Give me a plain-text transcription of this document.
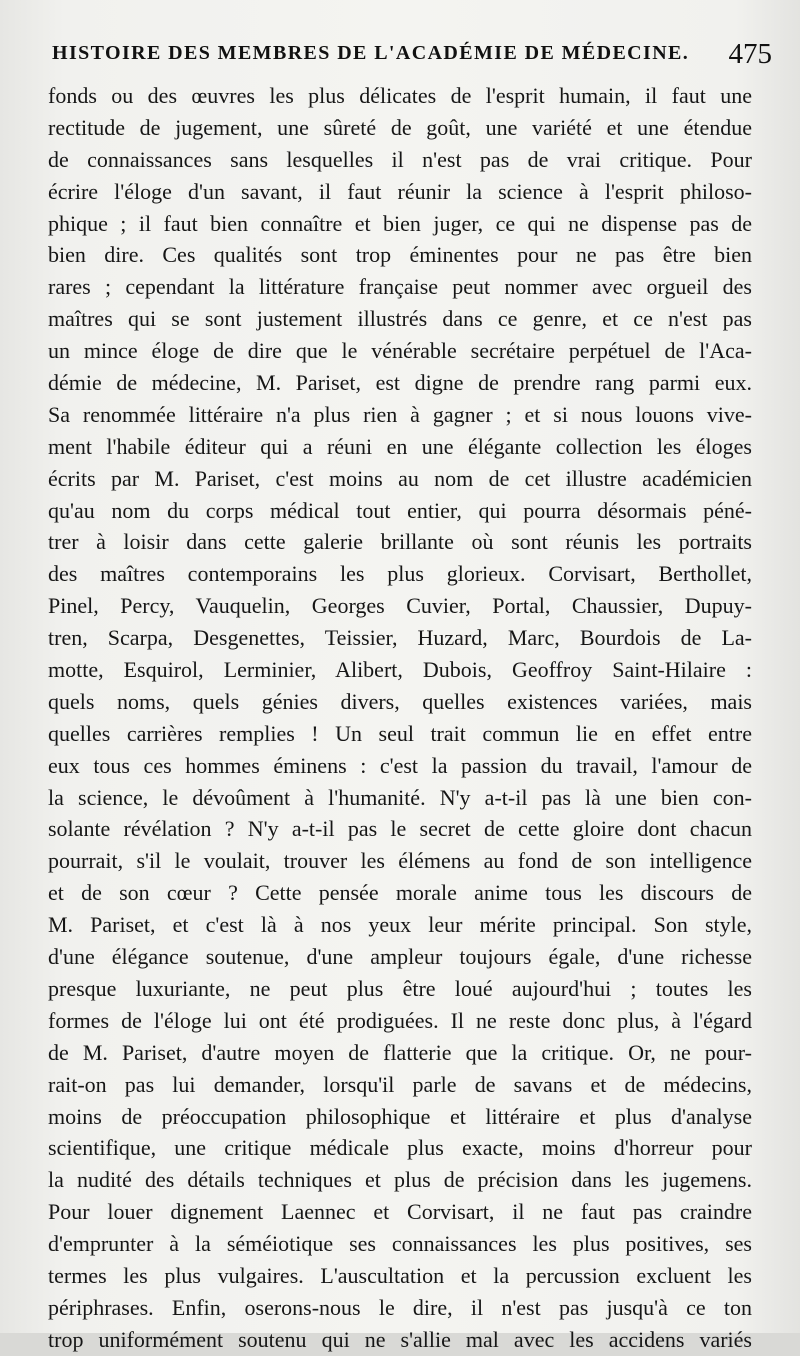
HISTOIRE DES MEMBRES DE L'ACADÉMIE DE MÉDECINE. 475
fonds ou des œuvres les plus délicates de l'esprit humain, il faut une
rectitude de jugement, une sûreté de goût, une variété et une étendue
de connaissances sans lesquelles il n'est pas de vrai critique. Pour
écrire l'éloge d'un savant, il faut réunir la science à l'esprit philoso-
phique ; il faut bien connaître et bien juger, ce qui ne dispense pas de
bien dire. Ces qualités sont trop éminentes pour ne pas être bien
rares ; cependant la littérature française peut nommer avec orgueil des
maîtres qui se sont justement illustrés dans ce genre, et ce n'est pas
un mince éloge de dire que le vénérable secrétaire perpétuel de l'Aca-
démie de médecine, M. Pariset, est digne de prendre rang parmi eux.
Sa renommée littéraire n'a plus rien à gagner ; et si nous louons vive-
ment l'habile éditeur qui a réuni en une élégante collection les éloges
écrits par M. Pariset, c'est moins au nom de cet illustre académicien
qu'au nom du corps médical tout entier, qui pourra désormais péné-
trer à loisir dans cette galerie brillante où sont réunis les portraits
des maîtres contemporains les plus glorieux. Corvisart, Berthollet,
Pinel, Percy, Vauquelin, Georges Cuvier, Portal, Chaussier, Dupuy-
tren, Scarpa, Desgenettes, Teissier, Huzard, Marc, Bourdois de La-
motte, Esquirol, Lerminier, Alibert, Dubois, Geoffroy Saint-Hilaire :
quels noms, quels génies divers, quelles existences variées, mais
quelles carrières remplies ! Un seul trait commun lie en effet entre
eux tous ces hommes éminens : c'est la passion du travail, l'amour de
la science, le dévoûment à l'humanité. N'y a-t-il pas là une bien con-
solante révélation ? N'y a-t-il pas le secret de cette gloire dont chacun
pourrait, s'il le voulait, trouver les élémens au fond de son intelligence
et de son cœur ? Cette pensée morale anime tous les discours de
M. Pariset, et c'est là à nos yeux leur mérite principal. Son style,
d'une élégance soutenue, d'une ampleur toujours égale, d'une richesse
presque luxuriante, ne peut plus être loué aujourd'hui ; toutes les
formes de l'éloge lui ont été prodiguées. Il ne reste donc plus, à l'égard
de M. Pariset, d'autre moyen de flatterie que la critique. Or, ne pour-
rait-on pas lui demander, lorsqu'il parle de savans et de médecins,
moins de préoccupation philosophique et littéraire et plus d'analyse
scientifique, une critique médicale plus exacte, moins d'horreur pour
la nudité des détails techniques et plus de précision dans les jugemens.
Pour louer dignement Laennec et Corvisart, il ne faut pas craindre
d'emprunter à la séméiotique ses connaissances les plus positives, ses
termes les plus vulgaires. L'auscultation et la percussion excluent les
périphrases. Enfin, oserons-nous le dire, il n'est pas jusqu'à ce ton
trop uniformément soutenu qui ne s'allie mal avec les accidens variés
